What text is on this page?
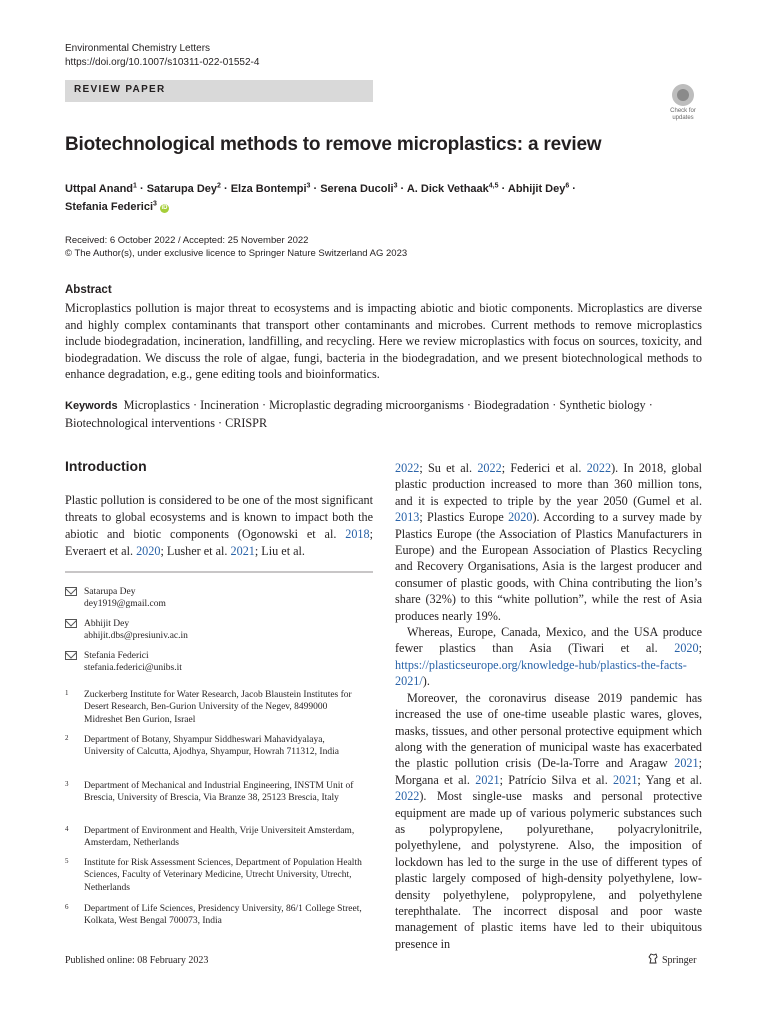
Environmental Chemistry Letters
https://doi.org/10.1007/s10311-022-01552-4
REVIEW PAPER
Check for
updates
Biotechnological methods to remove microplastics: a review
Uttpal Anand$^1$ · Satarupa Dey$^2$ · Elza Bontempi$^3$ · Serena Ducoli$^3$ · A. Dick Vethaak$^{4,5}$ · Abhijit Dey$^6$ ·
Stefania Federici$^3$ iD
Received: 6 October 2022 / Accepted: 25 November 2022
© The Author(s), under exclusive licence to Springer Nature Switzerland AG 2023
Abstract
Microplastics pollution is major threat to ecosystems and is impacting abiotic and biotic components. Microplastics are diverse and highly complex contaminants that transport other contaminants and microbes. Current methods to remove microplastics include biodegradation, incineration, landfilling, and recycling. Here we review microplastics with focus on sources, toxicity, and biodegradation. We discuss the role of algae, fungi, bacteria in the biodegradation, and we present biotechnological methods to enhance degradation, e.g., gene editing tools and bioinformatics.
Keywords Microplastics · Incineration · Microplastic degrading microorganisms · Biodegradation · Synthetic biology · Biotechnological interventions · CRISPR
Introduction
Plastic pollution is considered to be one of the most significant threats to global ecosystems and is known to impact both the abiotic and biotic components (Ogonowski et al. 2018; Everaert et al. 2020; Lusher et al. 2021; Liu et al.

2022; Su et al. 2022; Federici et al. 2022). In 2018, global plastic production increased to more than 360 million tons, and it is expected to triple by the year 2050 (Gumel et al. 2013; Plastics Europe 2020). According to a survey made by Plastics Europe (the Association of Plastics Manufacturers in Europe) and the European Association of Plastics Recycling and Recovery Organisations, Asia is the largest producer and consumer of plastic goods, with China contributing the lion’s share (32%) to this “white pollution”, while the rest of Asia produces nearly 19%.

Whereas, Europe, Canada, Mexico, and the USA produce fewer plastics than Asia (Tiwari et al. 2020; https://plasticseurope.org/knowledge-hub/plastics-the-facts-2021/).

Moreover, the coronavirus disease 2019 pandemic has increased the use of one-time useable plastic wares, gloves, masks, tissues, and other personal protective equipment which along with the generation of municipal waste has exacerbated the plastic pollution crisis (De-la-Torre and Aragaw 2021; Morgana et al. 2021; Patrício Silva et al. 2021; Yang et al. 2022). Most single-use masks and personal protective equipment are made up of various polymeric substances such as polypropylene, polyurethane, polyacrylonitrile, polyethylene, and polystyrene. Also, the imposition of lockdown has led to the surge in the use of different types of plastic largely composed of high-density polyethylene, low-density polyethylene, polypropylene, and polyethylene terephthalate. The incorrect disposal and poor waste management of plastic items have led to their ubiquitous presence in

Satarupa Dey
dey1919@gmail.com
Abhijit Dey
abhijit.dbs@presiuniv.ac.in
Stefania Federici
stefania.federici@unibs.it
1 Zuckerberg Institute for Water Research, Jacob Blaustein Institutes for Desert Research, Ben-Gurion University of the Negev, 8499000 Midreshet Ben Gurion, Israel
2 Department of Botany, Shyampur Siddheswari Mahavidyalaya, University of Calcutta, Ajodhya, Shyampur, Howrah 711312, India
3 Department of Mechanical and Industrial Engineering, INSTM Unit of Brescia, University of Brescia, Via Branze 38, 25123 Brescia, Italy
4 Department of Environment and Health, Vrije Universiteit Amsterdam, Amsterdam, Netherlands
5 Institute for Risk Assessment Sciences, Department of Population Health Sciences, Faculty of Veterinary Medicine, Utrecht University, Utrecht, Netherlands
6 Department of Life Sciences, Presidency University, 86/1 College Street, Kolkata, West Bengal 700073, India
Published online: 08 February 2023	Springer
